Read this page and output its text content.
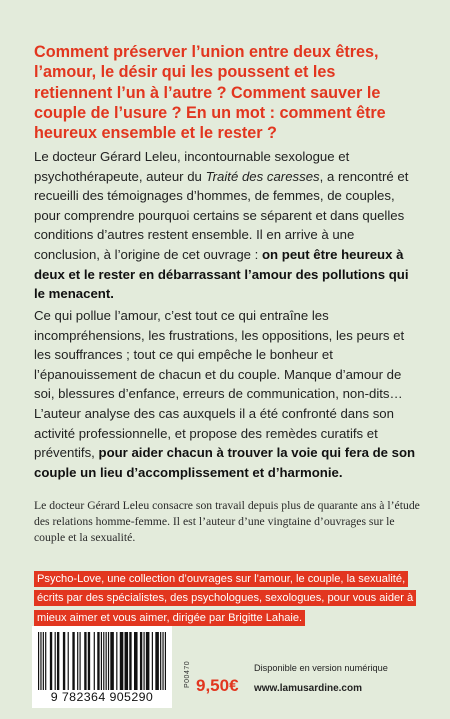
Comment préserver l’union entre deux êtres, l’amour, le désir qui les poussent et les retiennent l’un à l’autre ? Comment sauver le couple de l’usure ? En un mot : comment être heureux ensemble et le rester ?

Le docteur Gérard Leleu, incontournable sexologue et psychothérapeute, auteur du Traité des caresses, a rencontré et recueilli des témoignages d’hommes, de femmes, de couples, pour comprendre pourquoi certains se séparent et dans quelles conditions d’autres restent ensemble. Il en arrive à une conclusion, à l’origine de cet ouvrage : on peut être heureux à deux et le rester en débarrassant l’amour des pollutions qui le menacent.

Ce qui pollue l’amour, c’est tout ce qui entraîne les incompréhensions, les frustrations, les oppositions, les peurs et les souffrances ; tout ce qui empêche le bonheur et l’épanouissement de chacun et du couple. Manque d’amour de soi, blessures d’enfance, erreurs de communication, non-dits… L’auteur analyse des cas auxquels il a été confronté dans son activité professionnelle, et propose des remèdes curatifs et préventifs, pour aider chacun à trouver la voie qui fera de son couple un lieu d’accomplissement et d’harmonie.

Le docteur Gérard Leleu consacre son travail depuis plus de quarante ans à l’étude des relations homme-femme. Il est l’auteur d’une vingtaine d’ouvrages sur le couple et la sexualité.

Psycho-Love, une collection d’ouvrages sur l’amour, le couple, la sexualité, écrits par des spécialistes, des psychologues, sexologues, pour vous aider à mieux aimer et vous aimer, dirigée par Brigitte Lahaie.

9 782364 905290
P00470 9,50€
Disponible en version numérique
www.lamusardine.com
